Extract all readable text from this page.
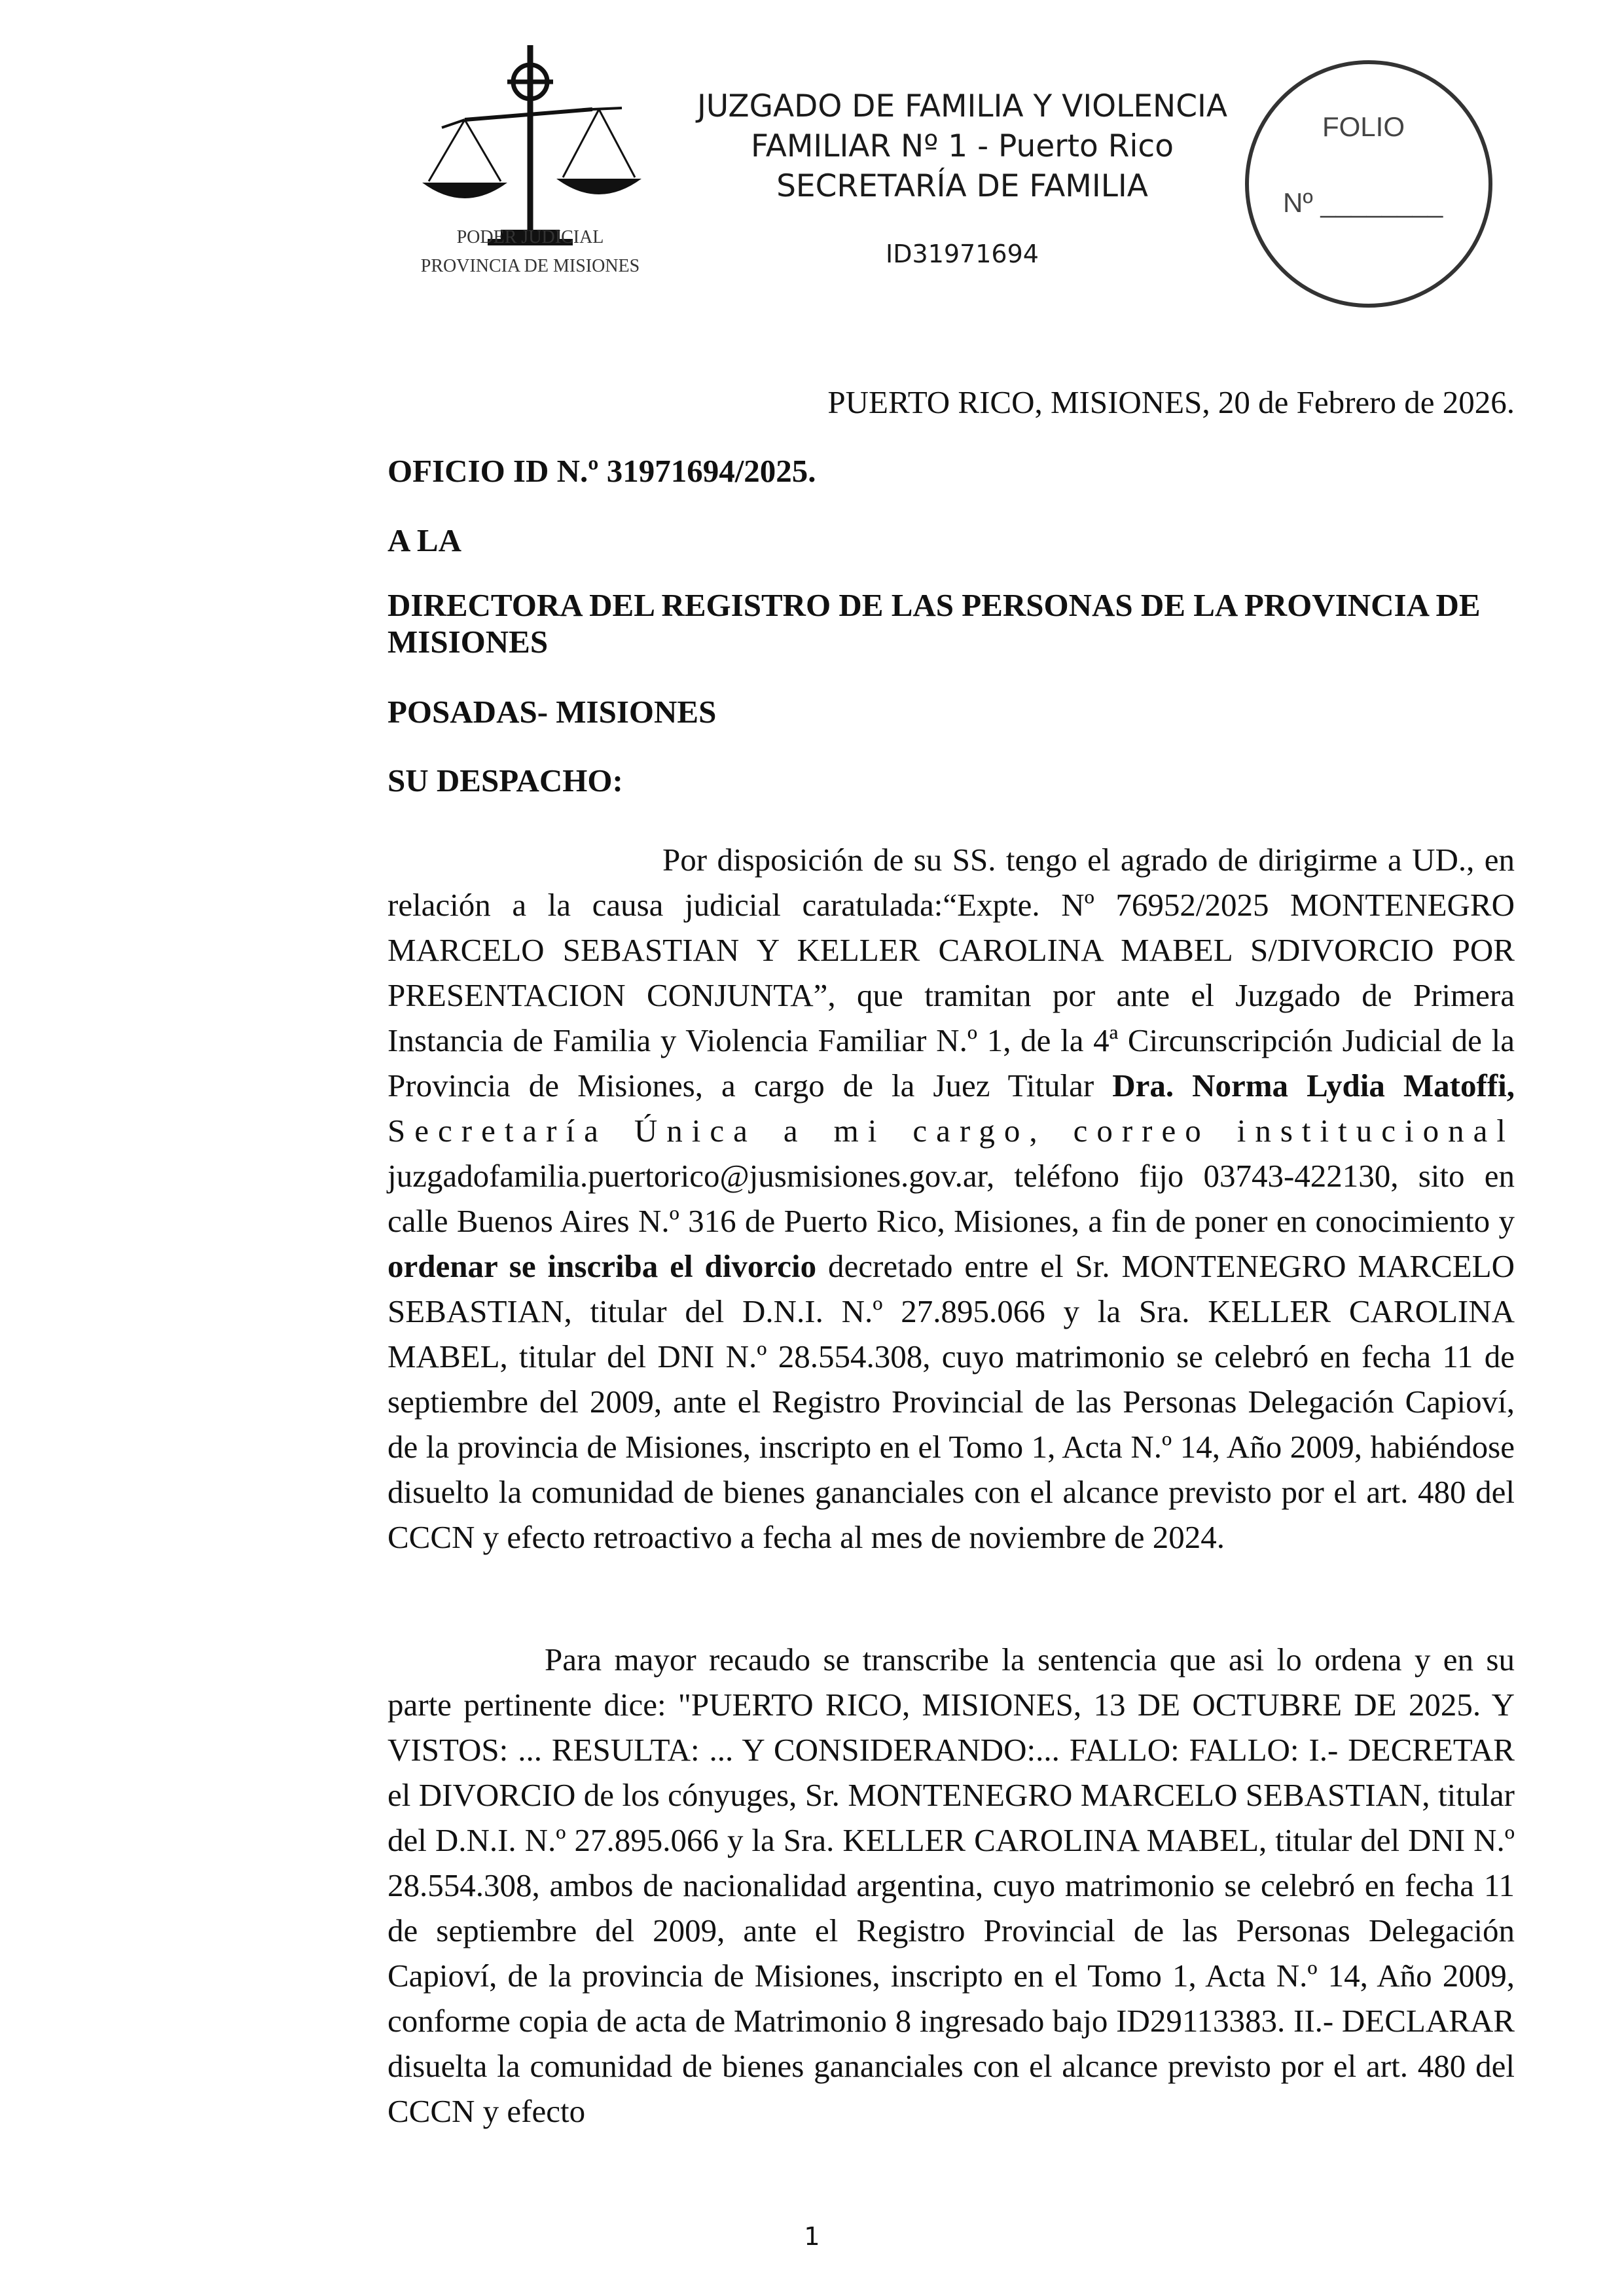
PODER JUDICIAL
PROVINCIA DE MISIONES
JUZGADO DE FAMILIA Y VIOLENCIA
FAMILIAR Nº 1 - Puerto Rico
SECRETARÍA DE FAMILIA
ID31971694
FOLIO
Nº ________
PUERTO RICO, MISIONES, 20 de Febrero de 2026.
OFICIO ID N.º 31971694/2025.
A LA
DIRECTORA DEL REGISTRO DE LAS PERSONAS DE LA PROVINCIA DE MISIONES
POSADAS- MISIONES
SU DESPACHO:

Por disposición de su SS. tengo el agrado de dirigirme a UD., en relación a la causa judicial caratulada:“Expte. Nº 76952/2025 MONTENEGRO MARCELO SEBASTIAN Y KELLER CAROLINA MABEL S/DIVORCIO POR PRESENTACION CONJUNTA”, que tramitan por ante el Juzgado de Primera Instancia de Familia y Violencia Familiar N.º 1, de la 4ª Circunscripción Judicial de la Provincia de Misiones, a cargo de la Juez Titular Dra. Norma Lydia Matoffi, Secretaría Única a mi cargo, correo institucional juzgadofamilia.puertorico@jusmisiones.gov.ar, teléfono fijo 03743-422130, sito en calle Buenos Aires N.º 316 de Puerto Rico, Misiones, a fin de poner en conocimiento y ordenar se inscriba el divorcio decretado entre el Sr. MONTENEGRO MARCELO SEBASTIAN, titular del D.N.I. N.º 27.895.066 y la Sra. KELLER CAROLINA MABEL, titular del DNI N.º 28.554.308, cuyo matrimonio se celebró en fecha 11 de septiembre del 2009, ante el Registro Provincial de las Personas Delegación Capioví, de la provincia de Misiones, inscripto en el Tomo 1, Acta N.º 14, Año 2009, habiéndose disuelto la comunidad de bienes gananciales con el alcance previsto por el art. 480 del CCCN y efecto retroactivo a fecha al mes de noviembre de 2024.

Para mayor recaudo se transcribe la sentencia que asi lo ordena y en su parte pertinente dice: "PUERTO RICO, MISIONES, 13 DE OCTUBRE DE 2025. Y VISTOS: ... RESULTA: ... Y CONSIDERANDO:... FALLO: FALLO: I.- DECRETAR el DIVORCIO de los cónyuges, Sr. MONTENEGRO MARCELO SEBASTIAN, titular del D.N.I. N.º 27.895.066 y la Sra. KELLER CAROLINA MABEL, titular del DNI N.º 28.554.308, ambos de nacionalidad argentina, cuyo matrimonio se celebró en fecha 11 de septiembre del 2009, ante el Registro Provincial de las Personas Delegación Capioví, de la provincia de Misiones, inscripto en el Tomo 1, Acta N.º 14, Año 2009, conforme copia de acta de Matrimonio 8 ingresado bajo ID29113383. II.- DECLARAR disuelta la comunidad de bienes gananciales con el alcance previsto por el art. 480 del CCCN y efecto

1
